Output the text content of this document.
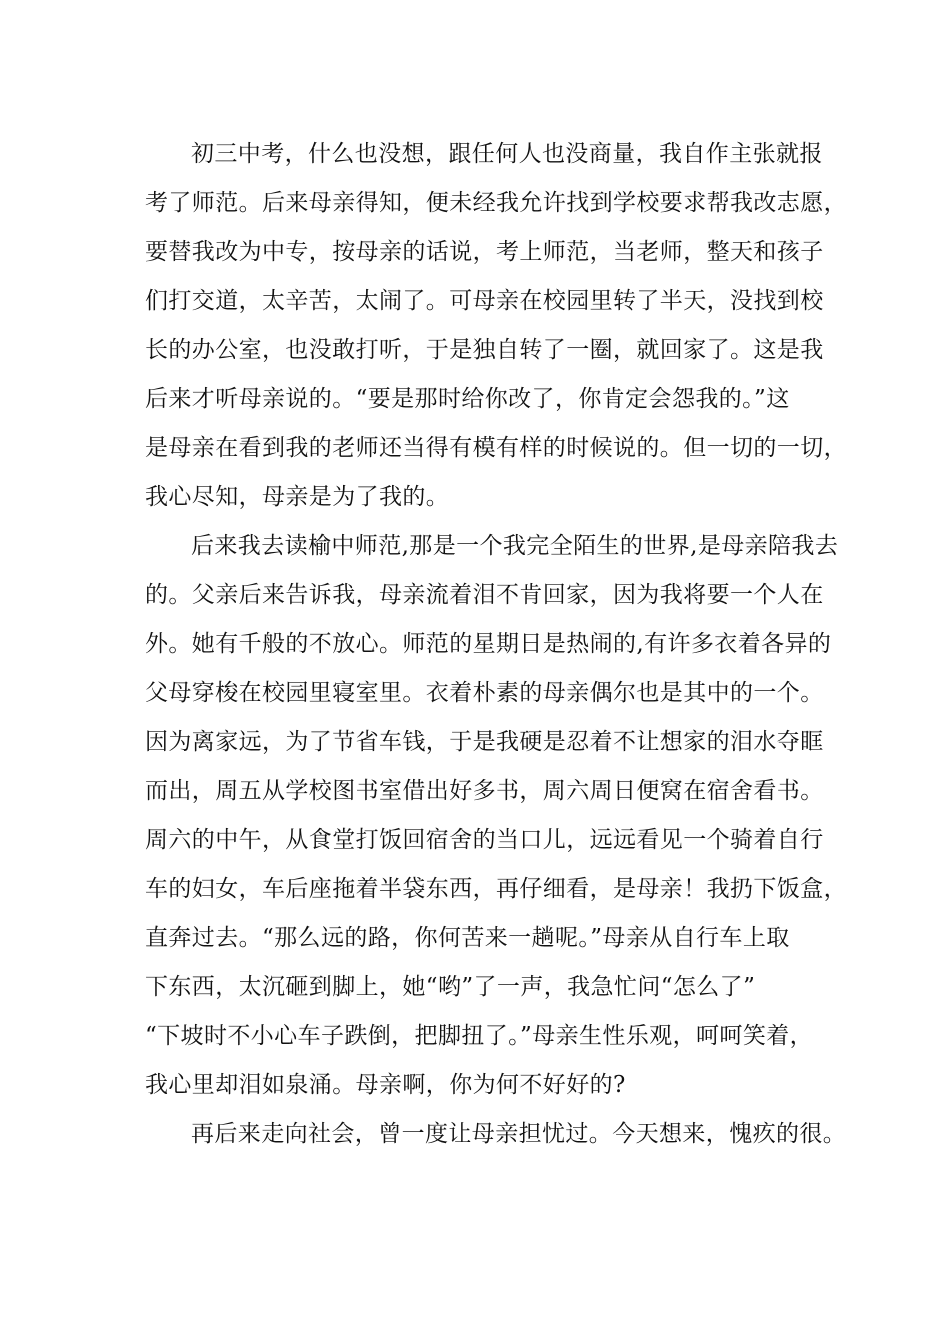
初三中考，什么也没想，跟任何人也没商量，我自作主张就报
考了师范。后来母亲得知，便未经我允许找到学校要求帮我改志愿，
要替我改为中专，按母亲的话说，考上师范，当老师，整天和孩子
们打交道，太辛苦，太闹了。可母亲在校园里转了半天，没找到校
长的办公室，也没敢打听，于是独自转了一圈，就回家了。这是我
后来才听母亲说的。“要是那时给你改了，你肯定会怨我的。”这
是母亲在看到我的老师还当得有模有样的时候说的。但一切的一切，
我心尽知，母亲是为了我的。
后来我去读榆中师范,那是一个我完全陌生的世界,是母亲陪我去
的。父亲后来告诉我，母亲流着泪不肯回家，因为我将要一个人在
外。她有千般的不放心。师范的星期日是热闹的,有许多衣着各异的
父母穿梭在校园里寝室里。衣着朴素的母亲偶尔也是其中的一个。
因为离家远，为了节省车钱，于是我硬是忍着不让想家的泪水夺眶
而出，周五从学校图书室借出好多书，周六周日便窝在宿舍看书。
周六的中午，从食堂打饭回宿舍的当口儿，远远看见一个骑着自行
车的妇女，车后座拖着半袋东西，再仔细看，是母亲！我扔下饭盒，
直奔过去。“那么远的路，你何苦来一趟呢。”母亲从自行车上取
下东西，太沉砸到脚上，她“哟”了一声，我急忙问“怎么了”
“下坡时不小心车子跌倒，把脚扭了。”母亲生性乐观，呵呵笑着，
我心里却泪如泉涌。母亲啊，你为何不好好的?
再后来走向社会，曾一度让母亲担忧过。今天想来，愧疚的很。
